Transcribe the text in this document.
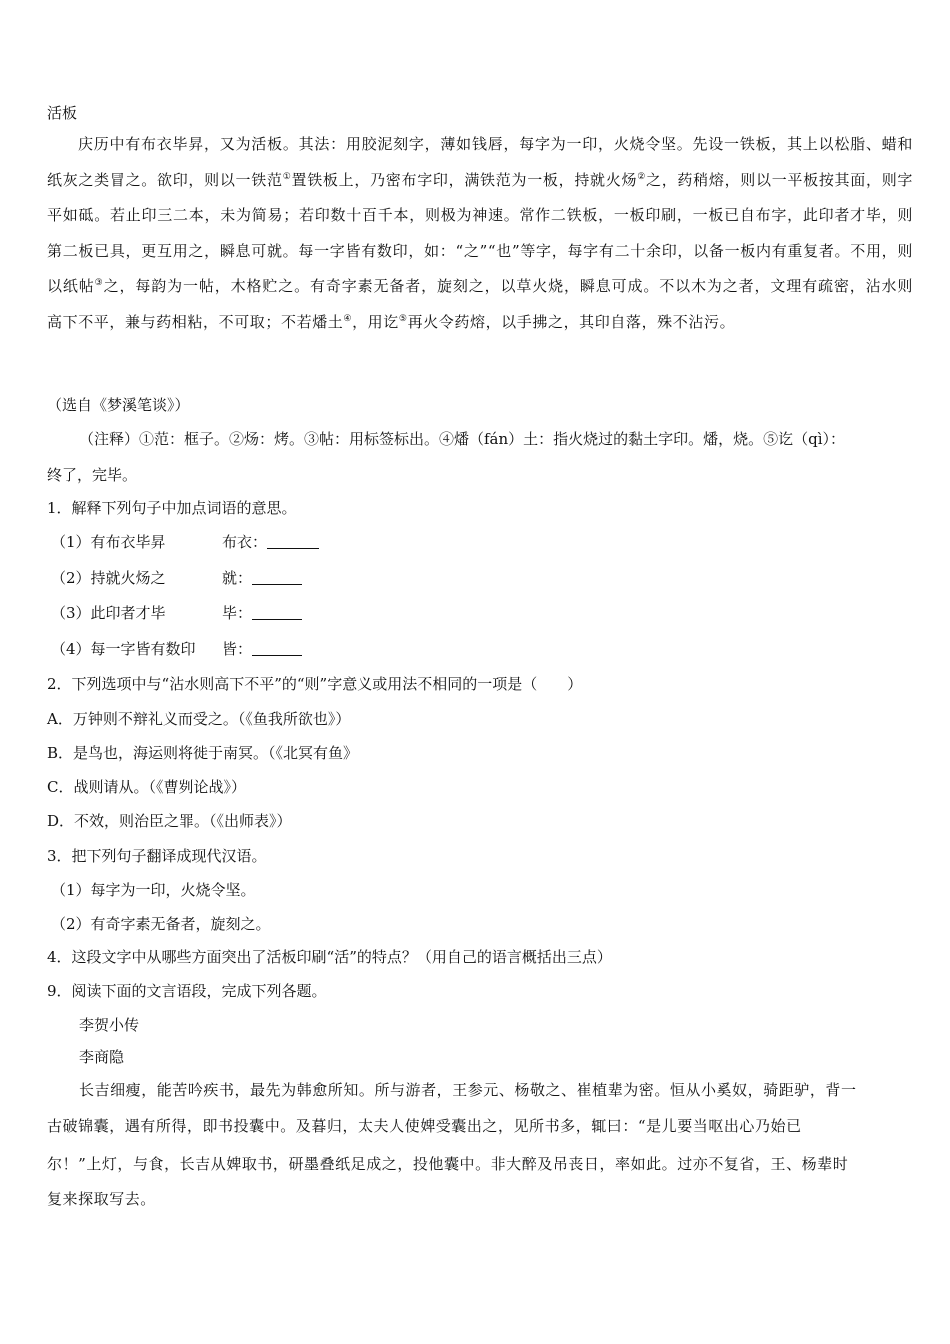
活板
庆历中有布衣毕昇，又为活板。其法：用胶泥刻字，薄如钱唇，每字为一印，火烧令坚。先设一铁板，其上以松脂、蜡和纸灰之类冒之。欲印，则以一铁范①置铁板上，乃密布字印，满铁范为一板，持就火炀②之，药稍熔，则以一平板按其面，则字平如砥。若止印三二本，未为简易；若印数十百千本，则极为神速。常作二铁板，一板印刷，一板已自布字，此印者才毕，则第二板已具，更互用之，瞬息可就。每一字皆有数印，如：“之”“也”等字，每字有二十余印，以备一板内有重复者。不用，则以纸帖③之，每韵为一帖，木格贮之。有奇字素无备者，旋刻之，以草火烧，瞬息可成。不以木为之者，文理有疏密，沾水则高下不平，兼与药相粘，不可取；不若燔土④，用讫⑤再火令药熔，以手拂之，其印自落，殊不沾污。
（选自《梦溪笔谈》）
（注释）①范：框子。②炀：烤。③帖：用标签标出。④燔（fán）土：指火烧过的黏土字印。燔，烧。⑤讫（qì）：
终了，完毕。
1．解释下列句子中加点词语的意思。
（1）有布衣毕昇	布衣：
（2）持就火炀之	就：
（3）此印者才毕	毕：
（4）每一字皆有数印 皆：
2．下列选项中与“沾水则高下不平”的“则”字意义或用法不相同的一项是（　　）
A．万钟则不辩礼义而受之。（《鱼我所欲也》）
B．是鸟也，海运则将徙于南冥。（《北冥有鱼》
C．战则请从。（《曹刿论战》）
D．不效，则治臣之罪。（《出师表》）
3．把下列句子翻译成现代汉语。
（1）每字为一印，火烧令坚。
（2）有奇字素无备者，旋刻之。
4．这段文字中从哪些方面突出了活板印刷“活”的特点？（用自己的语言概括出三点）
9．阅读下面的文言语段，完成下列各题。
李贺小传
李商隐
长吉细瘦，能苦吟疾书，最先为韩愈所知。所与游者，王参元、杨敬之、崔植辈为密。恒从小奚奴，骑距驴，背一
古破锦囊，遇有所得，即书投囊中。及暮归，太夫人使婢受囊出之，见所书多，辄曰：“是儿要当呕出心乃始已
尔！”上灯，与食，长吉从婢取书，研墨叠纸足成之，投他囊中。非大醉及吊丧日，率如此。过亦不复省，王、杨辈时
复来探取写去。
